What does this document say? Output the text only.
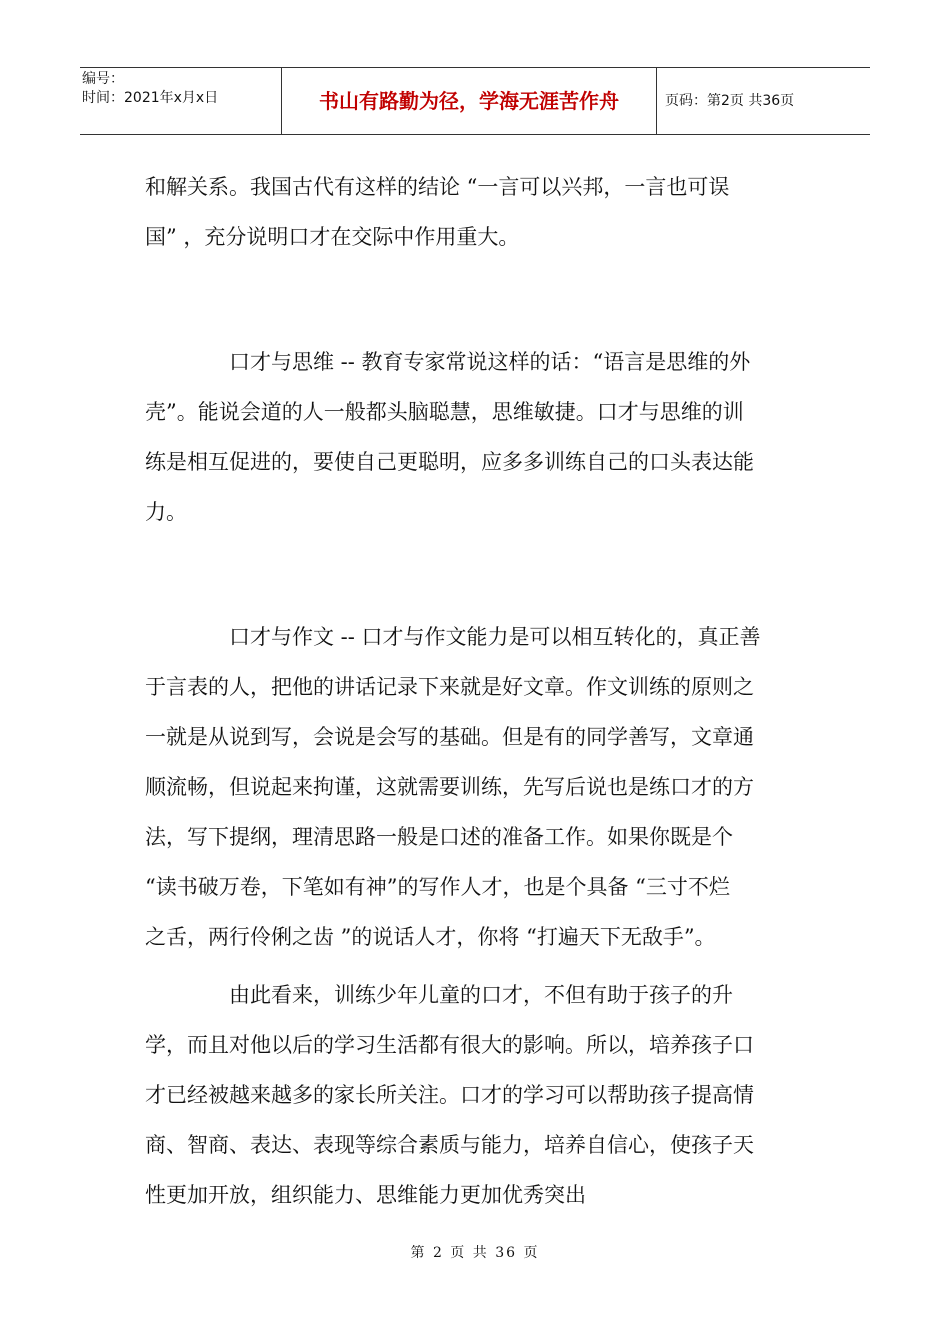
编号：
时间：2021年x月x日	书山有路勤为径，学海无涯苦作舟	页码：第2页 共36页
和解关系。我国古代有这样的结论 “一言可以兴邦，一言也可误
国” ，充分说明口才在交际中作用重大。
口才与思维 -- 教育专家常说这样的话：“语言是思维的外
壳”。能说会道的人一般都头脑聪慧，思维敏捷。口才与思维的训
练是相互促进的，要使自己更聪明，应多多训练自己的口头表达能
力。
口才与作文 -- 口才与作文能力是可以相互转化的，真正善
于言表的人，把他的讲话记录下来就是好文章。作文训练的原则之
一就是从说到写，会说是会写的基础。但是有的同学善写，文章通
顺流畅，但说起来拘谨，这就需要训练，先写后说也是练口才的方
法，写下提纲，理清思路一般是口述的准备工作。如果你既是个
“读书破万卷，下笔如有神”的写作人才，也是个具备 “三寸不烂
之舌，两行伶俐之齿 ”的说话人才，你将 “打遍天下无敌手”。
由此看来，训练少年儿童的口才，不但有助于孩子的升
学，而且对他以后的学习生活都有很大的影响。所以，培养孩子口
才已经被越来越多的家长所关注。口才的学习可以帮助孩子提高情
商、智商、表达、表现等综合素质与能力，培养自信心，使孩子天
性更加开放，组织能力、思维能力更加优秀突出
第 2 页 共 36 页
